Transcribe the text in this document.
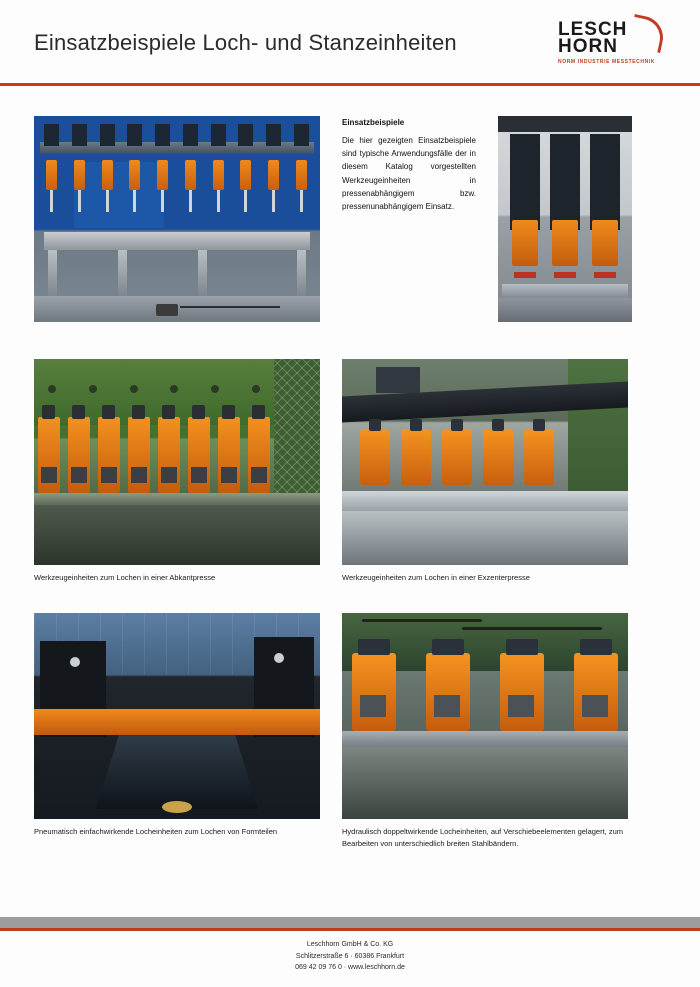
Einsatzbeispiele Loch- und Stanzeinheiten
LESCH
HORN
NORM INDUSTRIE MESSTECHNIK
Einsatzbeispiele

Die hier gezeigten Einsatzbeispiele sind typische Anwendungsfälle der in diesem Katalog vorgestellten Werkzeugeinheiten in pressenabhängigem bzw. pressenunabhängigem Einsatz.

Werkzeugeinheiten zum Lochen in einer Abkantpresse	Werkzeugeinheiten zum Lochen in einer Exzenterpresse
Pneumatisch einfachwirkende Locheinheiten zum Lochen von Formteilen	Hydraulisch doppeltwirkende Locheinheiten, auf Verschiebeelementen gelagert, zum Bearbeiten von unterschiedlich breiten Stahlbändern.
Leschhorn GmbH & Co. KG
Schlitzerstraße 6 · 60386 Frankfurt
069 42 09 76 0 · www.leschhorn.de
